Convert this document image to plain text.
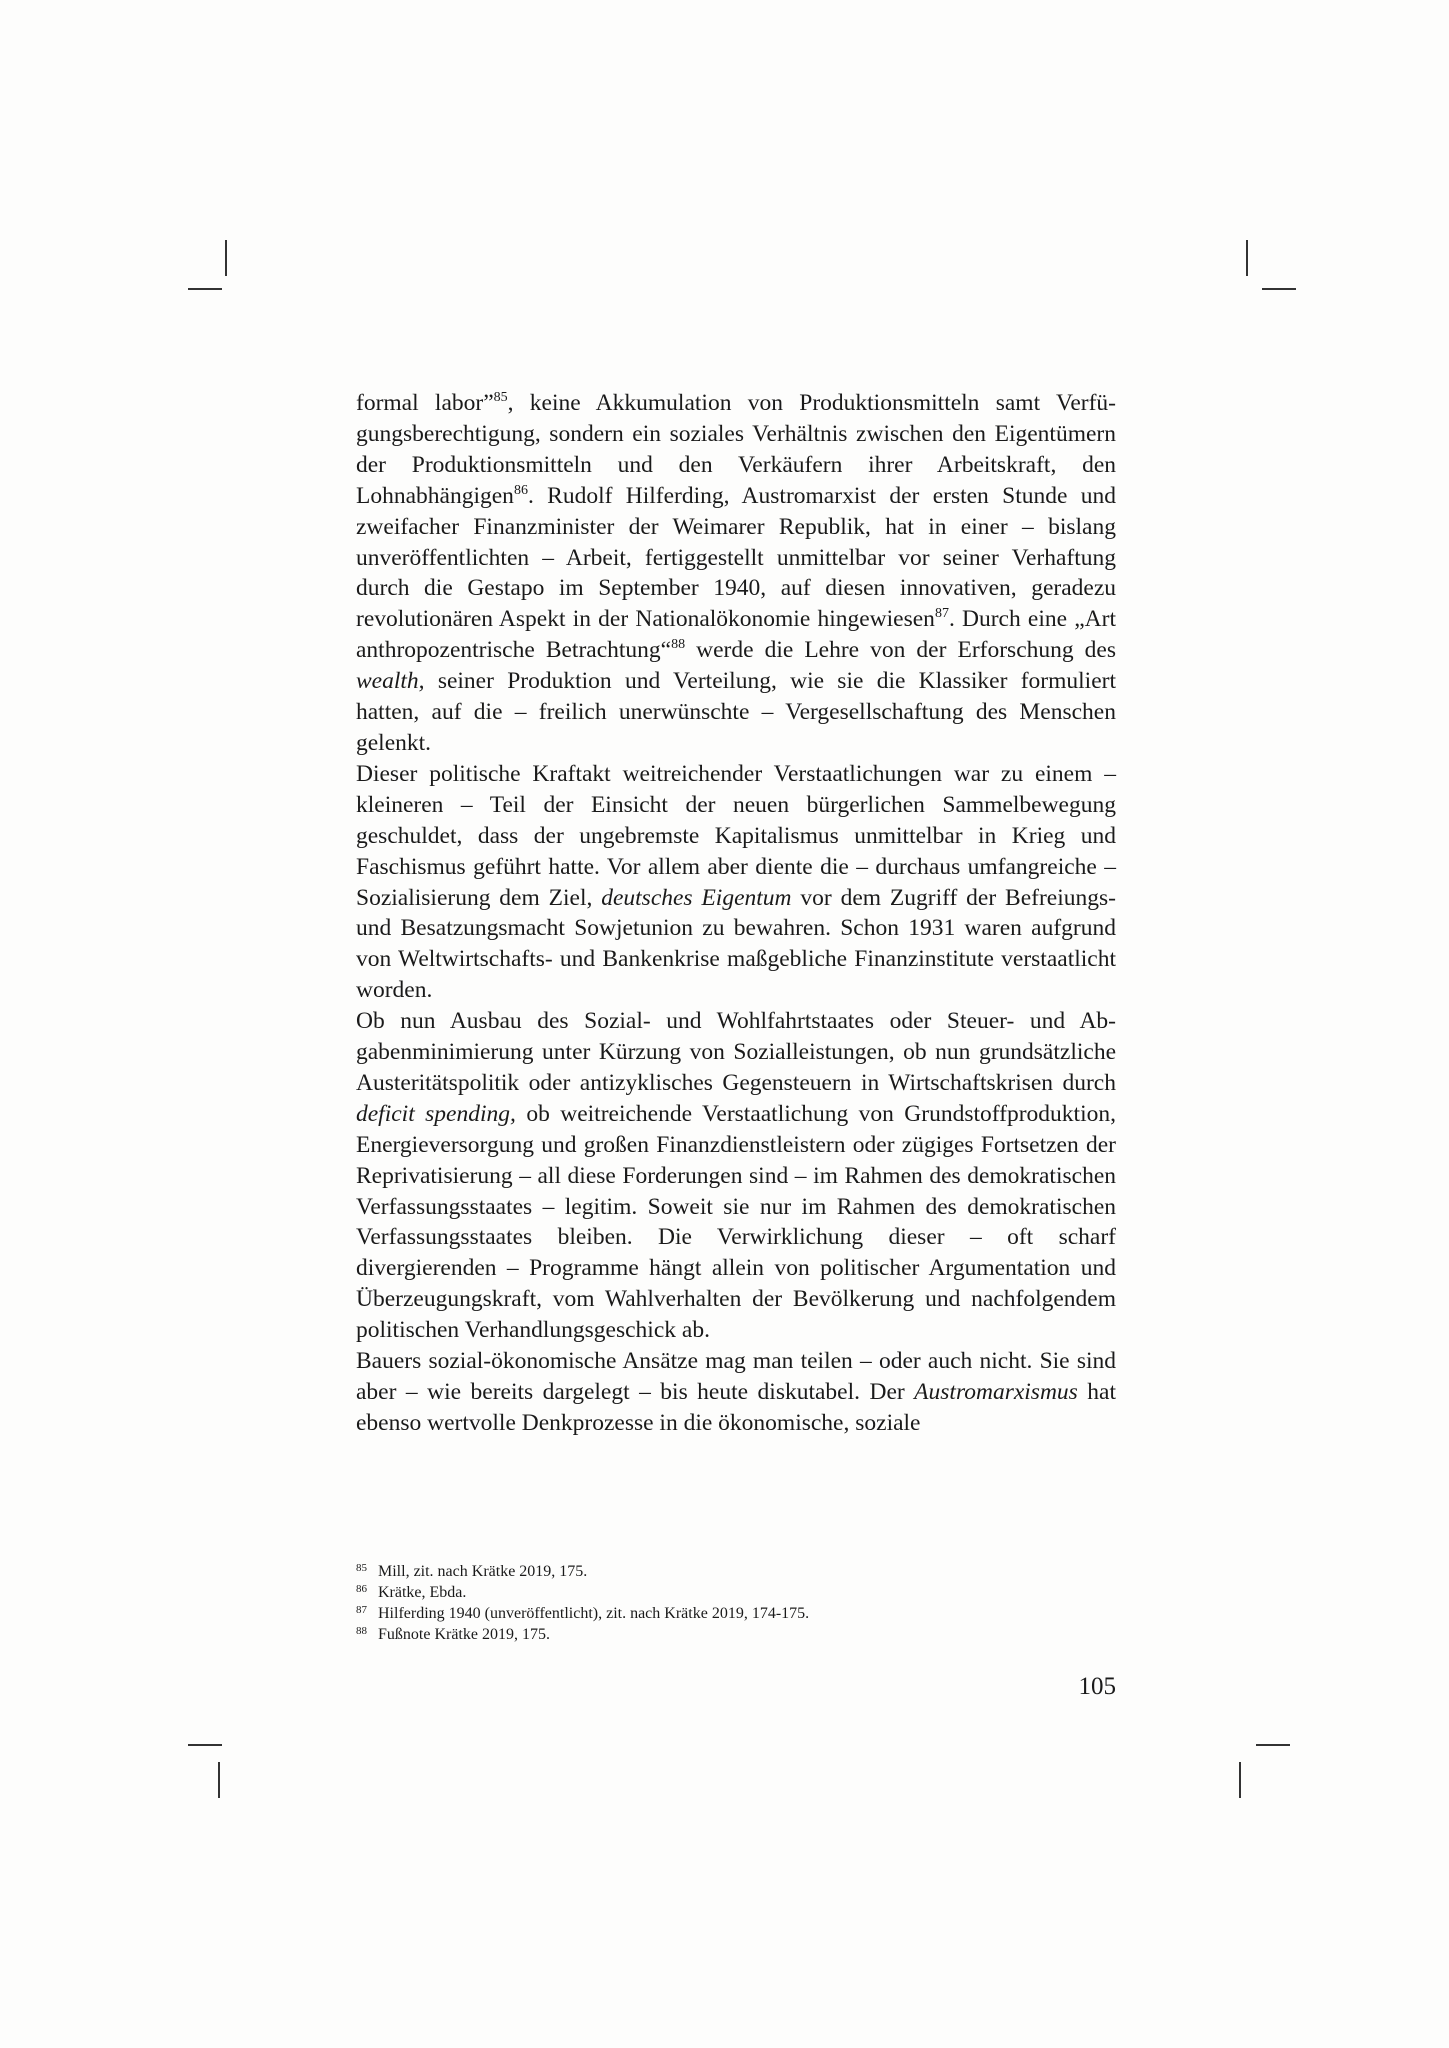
formal labor”$^{85}$, keine Akkumulation von Produktionsmitteln samt Verfügungsberechtigung, sondern ein soziales Verhältnis zwischen den Eigentümern der Produktionsmitteln und den Verkäufern ihrer Arbeitskraft, den Lohnabhängigen$^{86}$. Rudolf Hilferding, Austromarxist der ersten Stunde und zweifacher Finanzminister der Weimarer Republik, hat in einer – bislang unveröffentlichten – Arbeit, fertiggestellt unmittelbar vor seiner Verhaftung durch die Gestapo im September 1940, auf diesen innovativen, geradezu revolutionären Aspekt in der Nationalökonomie hingewiesen$^{87}$. Durch eine „Art anthropozentrische Betrachtung“$^{88}$ werde die Lehre von der Erforschung des wealth, seiner Produktion und Verteilung, wie sie die Klassiker formuliert hatten, auf die – freilich unerwünschte – Vergesellschaftung des Menschen gelenkt.

Dieser politische Kraftakt weitreichender Verstaatlichungen war zu einem – kleineren – Teil der Einsicht der neuen bürgerlichen Sammelbewegung geschuldet, dass der ungebremste Kapitalismus unmittelbar in Krieg und Faschismus geführt hatte. Vor allem aber diente die – durchaus umfangreiche – Sozialisierung dem Ziel, deutsches Eigentum vor dem Zugriff der Befreiungs- und Besatzungsmacht Sowjetunion zu bewahren. Schon 1931 waren aufgrund von Weltwirtschafts- und Bankenkrise maßgebliche Finanzinstitute verstaatlicht worden.

Ob nun Ausbau des Sozial- und Wohlfahrtstaates oder Steuer- und Abgabenminimierung unter Kürzung von Sozialleistungen, ob nun grundsätzliche Austeritätspolitik oder antizyklisches Gegensteuern in Wirtschaftskrisen durch deficit spending, ob weitreichende Verstaatlichung von Grundstoffproduktion, Energieversorgung und großen Finanzdienstleistern oder zügiges Fortsetzen der Reprivatisierung – all diese Forderungen sind – im Rahmen des demokratischen Verfassungsstaates – legitim. Soweit sie nur im Rahmen des demokratischen Verfassungsstaates bleiben. Die Verwirklichung dieser – oft scharf divergierenden – Programme hängt allein von politischer Argumentation und Überzeugungskraft, vom Wahlverhalten der Bevölkerung und nachfolgendem politischen Verhandlungsgeschick ab.

Bauers sozial-ökonomische Ansätze mag man teilen – oder auch nicht. Sie sind aber – wie bereits dargelegt – bis heute diskutabel. Der Austromarxismus hat ebenso wertvolle Denkprozesse in die ökonomische, soziale

85 Mill, zit. nach Krätke 2019, 175.

86 Krätke, Ebda.

87 Hilferding 1940 (unveröffentlicht), zit. nach Krätke 2019, 174-175.

88 Fußnote Krätke 2019, 175.

105
